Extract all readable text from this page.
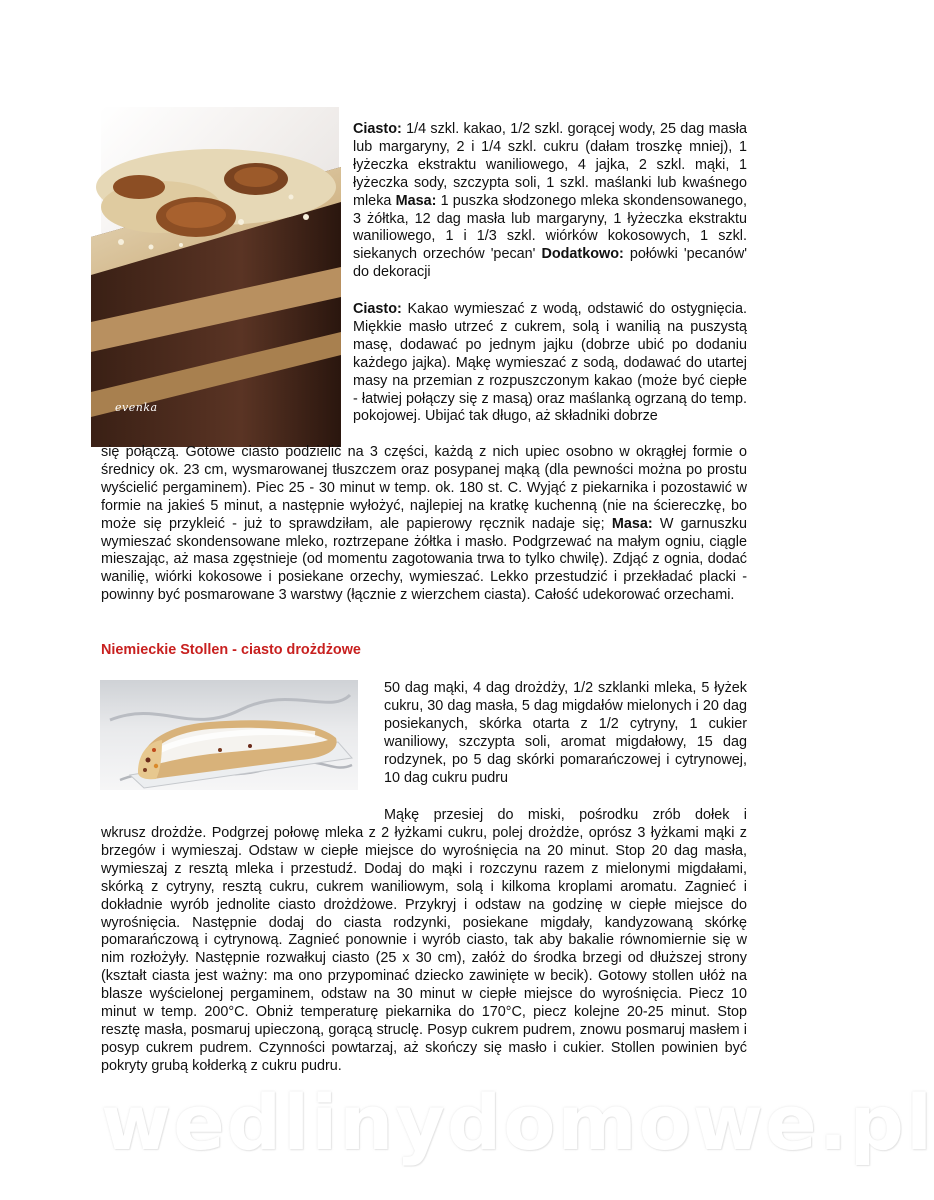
evenka

Ciasto: 1/4 szkl. kakao, 1/2 szkl. gorącej wody, 25 dag masła lub margaryny, 2 i 1/4 szkl. cukru (dałam troszkę mniej), 1 łyżeczka ekstraktu waniliowego, 4 jajka, 2 szkl. mąki, 1 łyżeczka sody, szczypta soli, 1 szkl. maślanki lub kwaśnego mleka Masa: 1 puszka słodzonego mleka skondensowanego, 3 żółtka, 12 dag masła lub margaryny, 1 łyżeczka ekstraktu waniliowego, 1 i 1/3 szkl. wiórków kokosowych, 1 szkl. siekanych orzechów 'pecan' Dodatkowo: połówki 'pecanów' do dekoracji

Ciasto: Kakao wymieszać z wodą, odstawić do ostygnięcia. Miękkie masło utrzeć z cukrem, solą i wanilią na puszystą masę, dodawać po jednym jajku (dobrze ubić po dodaniu każdego jajka). Mąkę wymieszać z sodą, dodawać do utartej masy na przemian z rozpuszczonym kakao (może być ciepłe - łatwiej połączy się z masą) oraz maślanką ogrzaną do temp. pokojowej. Ubijać tak długo, aż składniki dobrze

się połączą. Gotowe ciasto podzielić na 3 części, każdą z nich upiec osobno w okrągłej formie o średnicy ok. 23 cm, wysmarowanej tłuszczem oraz posypanej mąką (dla pewności można po prostu wyścielić pergaminem). Piec 25 - 30 minut w temp. ok. 180 st. C. Wyjąć z piekarnika i pozostawić w formie na jakieś 5 minut, a następnie wyłożyć, najlepiej na kratkę kuchenną (nie na ściereczkę, bo może się przykleić - już to sprawdziłam, ale papierowy ręcznik nadaje się; Masa: W garnuszku wymieszać skondensowane mleko, roztrzepane żółtka i masło. Podgrzewać na małym ogniu, ciągle mieszając, aż masa zgęstnieje (od momentu zagotowania trwa to tylko chwilę). Zdjąć z ognia, dodać wanilię, wiórki kokosowe i posiekane orzechy, wymieszać. Lekko przestudzić i przekładać placki - powinny być posmarowane 3 warstwy (łącznie z wierzchem ciasta). Całość udekorować orzechami.

Niemieckie Stollen - ciasto drożdżowe
50 dag mąki, 4 dag drożdży, 1/2 szklanki mleka, 5 łyżek cukru, 30 dag masła, 5 dag migdałów mielonych i 20 dag posiekanych, skórka otarta z 1/2 cytryny, 1 cukier waniliowy, szczypta soli, aromat migdałowy, 15 dag rodzynek, po 5 dag skórki pomarańczowej i cytrynowej, 10 dag cukru pudru
Mąkę przesiej do miski, pośrodku zrób dołek i
wkrusz drożdże. Podgrzej połowę mleka z 2 łyżkami cukru, polej drożdże, oprósz 3 łyżkami mąki z brzegów i wymieszaj. Odstaw w ciepłe miejsce do wyrośnięcia na 20 minut. Stop 20 dag masła, wymieszaj z resztą mleka i przestudź. Dodaj do mąki i rozczynu razem z mielonymi migdałami, skórką z cytryny, resztą cukru, cukrem waniliowym, solą i kilkoma kroplami aromatu. Zagnieć i dokładnie wyrób jednolite ciasto drożdżowe. Przykryj i odstaw na godzinę w ciepłe miejsce do wyrośnięcia. Następnie dodaj do ciasta rodzynki, posiekane migdały, kandyzowaną skórkę pomarańczową i cytrynową. Zagnieć ponownie i wyrób ciasto, tak aby bakalie równomiernie się w nim rozłożyły. Następnie rozwałkuj ciasto (25 x 30 cm), załóż do środka brzegi od dłuższej strony (kształt ciasta jest ważny: ma ono przypominać dziecko zawinięte w becik). Gotowy stollen ułóż na blasze wyścielonej pergaminem, odstaw na 30 minut w ciepłe miejsce do wyrośnięcia. Piecz 10 minut w temp. 200°C. Obniż temperaturę piekarnika do 170°C, piecz kolejne 20-25 minut. Stop resztę masła, posmaruj upieczoną, gorącą struclę. Posyp cukrem pudrem, znowu posmaruj masłem i posyp cukrem pudrem. Czynności powtarzaj, aż skończy się masło i cukier. Stollen powinien być pokryty grubą kołderką z cukru pudru.
wedlinydomowe.pl
